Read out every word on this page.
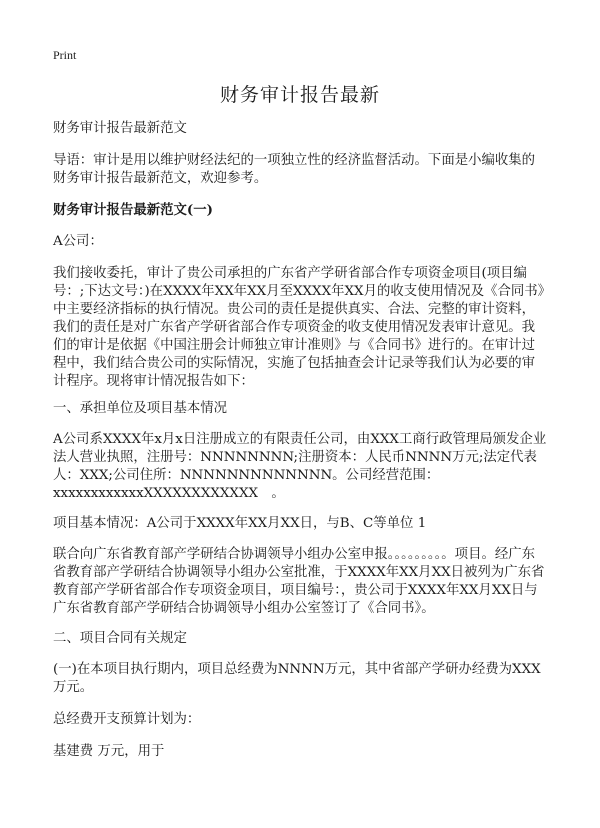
Print
财务审计报告最新

财务审计报告最新范文

导语：审计是用以维护财经法纪的一项独立性的经济监督活动。下面是小编收集的财务审计报告最新范文，欢迎参考。

财务审计报告最新范文(一)

A公司：

我们接收委托，审计了贵公司承担的广东省产学研省部合作专项资金项目(项目编号：;下达文号：)在XXXX年XX年XX月至XXXX年XX月的收支使用情况及《合同书》中主要经济指标的执行情况。贵公司的责任是提供真实、合法、完整的审计资料，我们的责任是对广东省产学研省部合作专项资金的收支使用情况发表审计意见。我们的审计是依据《中国注册会计师独立审计准则》与《合同书》进行的。在审计过程中，我们结合贵公司的实际情况，实施了包括抽查会计记录等我们认为必要的审计程序。现将审计情况报告如下：

一、承担单位及项目基本情况

A公司系XXXX年x月x日注册成立的有限责任公司，由XXX工商行政管理局颁发企业法人营业执照，注册号：NNNNNNNN;注册资本：人民币NNNN万元;法定代表人：XXX;公司住所：NNNNNNNNNNNNN。公司经营范围：xxxxxxxxxxxxXXXXXXXXXXXX　。

项目基本情况：A公司于XXXX年XX月XX日，与B、C等单位 1

联合向广东省教育部产学研结合协调领导小组办公室申报。。。。。。。。。项目。经广东省教育部产学研结合协调领导小组办公室批准，于XXXX年XX月XX日被列为广东省教育部产学研省部合作专项资金项目，项目编号：，贵公司于XXXX年XX月XX日与广东省教育部产学研结合协调领导小组办公室签订了《合同书》。

二、项目合同有关规定

(一)在本项目执行期内，项目总经费为NNNN万元，其中省部产学研办经费为XXX万元。

总经费开支预算计划为：

基建费 万元，用于
